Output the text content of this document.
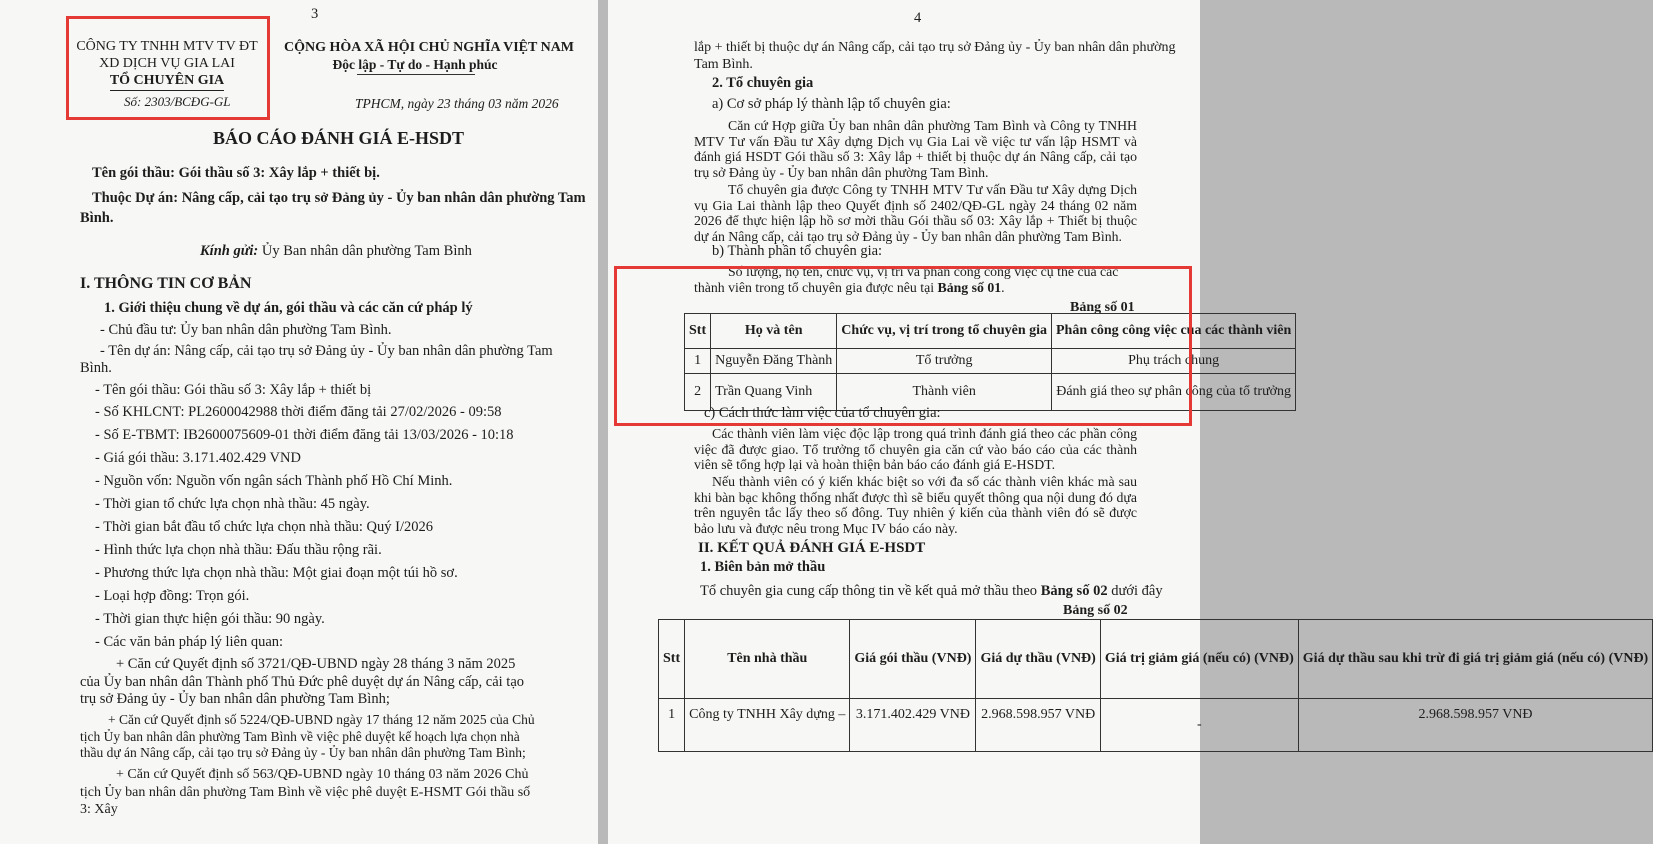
3
CÔNG TY TNHH MTV TV ĐT
XD DỊCH VỤ GIA LAI
TỔ CHUYÊN GIA
Số: 2303/BCĐG-GL
CỘNG HÒA XÃ HỘI CHỦ NGHĨA VIỆT NAM
Độc lập - Tự do - Hạnh phúc
TPHCM, ngày 23 tháng 03 năm 2026
BÁO CÁO ĐÁNH GIÁ E-HSDT
Tên gói thầu: Gói thầu số 3: Xây lắp + thiết bị.
Thuộc Dự án: Nâng cấp, cải tạo trụ sở Đảng ủy - Ủy ban nhân dân phường Tam
Bình.
Kính gửi: Ủy Ban nhân dân phường Tam Bình
I. THÔNG TIN CƠ BẢN
1. Giới thiệu chung về dự án, gói thầu và các căn cứ pháp lý
- Chủ đầu tư: Ủy ban nhân dân phường Tam Bình.
- Tên dự án: Nâng cấp, cải tạo trụ sở Đảng ủy - Ủy ban nhân dân phường Tam
Bình.
- Tên gói thầu: Gói thầu số 3: Xây lắp + thiết bị
- Số KHLCNT: PL2600042988 thời điểm đăng tải 27/02/2026 - 09:58
- Số E-TBMT: IB2600075609-01 thời điểm đăng tải 13/03/2026 - 10:18
- Giá gói thầu: 3.171.402.429 VND
- Nguồn vốn: Nguồn vốn ngân sách Thành phố Hồ Chí Minh.
- Thời gian tổ chức lựa chọn nhà thầu: 45 ngày.
- Thời gian bắt đầu tổ chức lựa chọn nhà thầu: Quý I/2026
- Hình thức lựa chọn nhà thầu: Đấu thầu rộng rãi.
- Phương thức lựa chọn nhà thầu: Một giai đoạn một túi hồ sơ.
- Loại hợp đồng: Trọn gói.
- Thời gian thực hiện gói thầu: 90 ngày.
- Các văn bản pháp lý liên quan:
+ Căn cứ Quyết định số 3721/QĐ-UBND ngày 28 tháng 3 năm 2025 của Ủy ban nhân dân Thành phố Thủ Đức phê duyệt dự án Nâng cấp, cải tạo trụ sở Đảng ủy - Ủy ban nhân dân phường Tam Bình;
+ Căn cứ Quyết định số 5224/QĐ-UBND ngày 17 tháng 12 năm 2025 của Chủ tịch Ủy ban nhân dân phường Tam Bình về việc phê duyệt kế hoạch lựa chọn nhà thầu dự án Nâng cấp, cải tạo trụ sở Đảng ủy - Ủy ban nhân dân phường Tam Bình;
+ Căn cứ Quyết định số 563/QĐ-UBND ngày 10 tháng 03 năm 2026 Chủ tịch Ủy ban nhân dân phường Tam Bình về việc phê duyệt E-HSMT Gói thầu số 3: Xây
4
lắp + thiết bị thuộc dự án Nâng cấp, cải tạo trụ sở Đảng ủy - Ủy ban nhân dân phường
Tam Bình.
2. Tổ chuyên gia
a) Cơ sở pháp lý thành lập tổ chuyên gia:
Căn cứ Hợp giữa Ủy ban nhân dân phường Tam Bình và Công ty TNHH MTV Tư vấn Đầu tư Xây dựng Dịch vụ Gia Lai về việc tư vấn lập HSMT và đánh giá HSDT Gói thầu số 3: Xây lắp + thiết bị thuộc dự án Nâng cấp, cải tạo trụ sở Đảng ủy - Ủy ban nhân dân phường Tam Bình.
Tổ chuyên gia được Công ty TNHH MTV Tư vấn Đầu tư Xây dựng Dịch vụ Gia Lai thành lập theo Quyết định số 2402/QĐ-GL ngày 24 tháng 02 năm 2026 để thực hiện lập hồ sơ mời thầu Gói thầu số 03: Xây lắp + Thiết bị thuộc dự án Nâng cấp, cải tạo trụ sở Đảng ủy - Ủy ban nhân dân phường Tam Bình.
b) Thành phần tổ chuyên gia:
Số lượng, họ tên, chức vụ, vị trí và phân công công việc cụ thể của các thành viên trong tổ chuyên gia được nêu tại Bảng số 01.
Bảng số 01
Stt	Họ và tên	Chức vụ, vị trí trong tổ chuyên gia	Phân công công việc của các thành viên
1	Nguyễn Đăng Thành	Tổ trưởng	Phụ trách chung
2	Trần Quang Vinh	Thành viên	Đánh giá theo sự phân công của tổ trưởng
c) Cách thức làm việc của tổ chuyên gia:
Các thành viên làm việc độc lập trong quá trình đánh giá theo các phần công việc đã được giao. Tổ trưởng tổ chuyên gia căn cứ vào báo cáo của các thành viên sẽ tổng hợp lại và hoàn thiện bản báo cáo đánh giá E-HSDT.
Nếu thành viên có ý kiến khác biệt so với đa số các thành viên khác mà sau khi bàn bạc không thống nhất được thì sẽ biểu quyết thông qua nội dung đó dựa trên nguyên tắc lấy theo số đông. Tuy nhiên ý kiến của thành viên đó sẽ được bảo lưu và được nêu trong Mục IV báo cáo này.
II. KẾT QUẢ ĐÁNH GIÁ E-HSDT
1. Biên bản mở thầu
Tổ chuyên gia cung cấp thông tin về kết quả mở thầu theo Bảng số 02 dưới đây
Bảng số 02
Stt	Tên nhà thầu	Giá gói thầu (VNĐ)	Giá dự thầu (VNĐ)	Giá trị giảm giá (nếu có) (VNĐ)	Giá dự thầu sau khi trừ đi giá trị giảm giá (nếu có) (VNĐ)
1	Công ty TNHH Xây dựng –	3.171.402.429 VNĐ	2.968.598.957 VNĐ	-	2.968.598.957 VNĐ
